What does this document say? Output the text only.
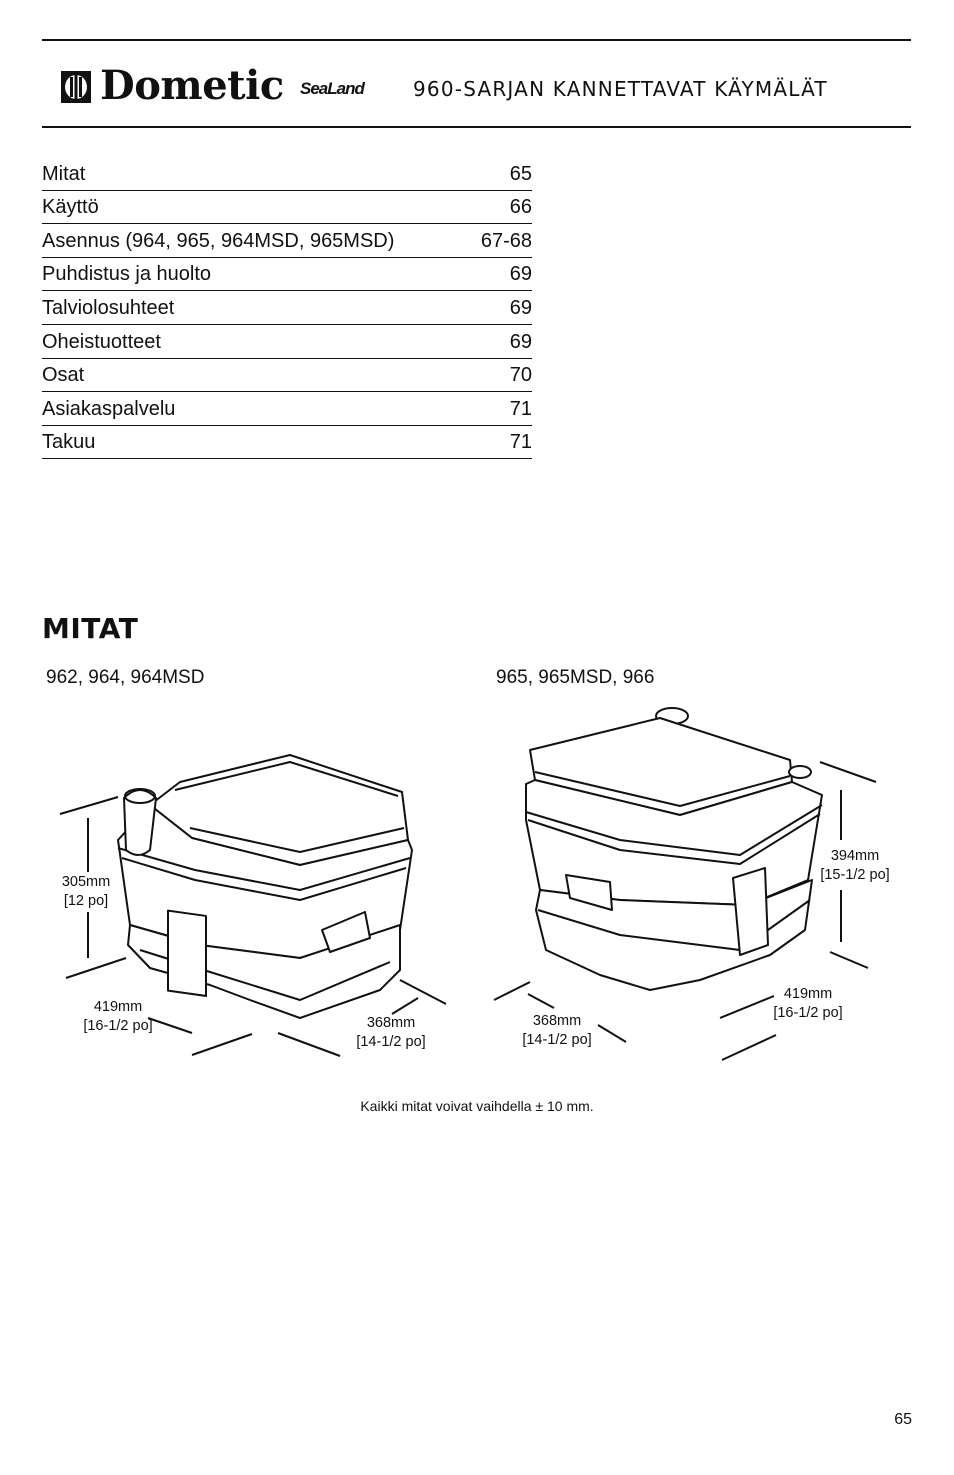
Dometic SeaLand 960-SARJAN KANNETTAVAT KÄYMÄLÄT
Mitat	65
Käyttö	66
Asennus (964, 965, 964MSD, 965MSD)	67-68
Puhdistus ja huolto	69
Talviolosuhteet	69
Oheistuotteet	69
Osat	70
Asiakaspalvelu	71
Takuu	71
MITAT
962, 964, 964MSD	965, 965MSD, 966
305mm
[12 po]
419mm
[16-1/2 po]	368mm
[14-1/2 po]
394mm
[15-1/2 po]
419mm
[16-1/2 po]
368mm
[14-1/2 po]
Kaikki mitat voivat vaihdella ± 10 mm.
65
